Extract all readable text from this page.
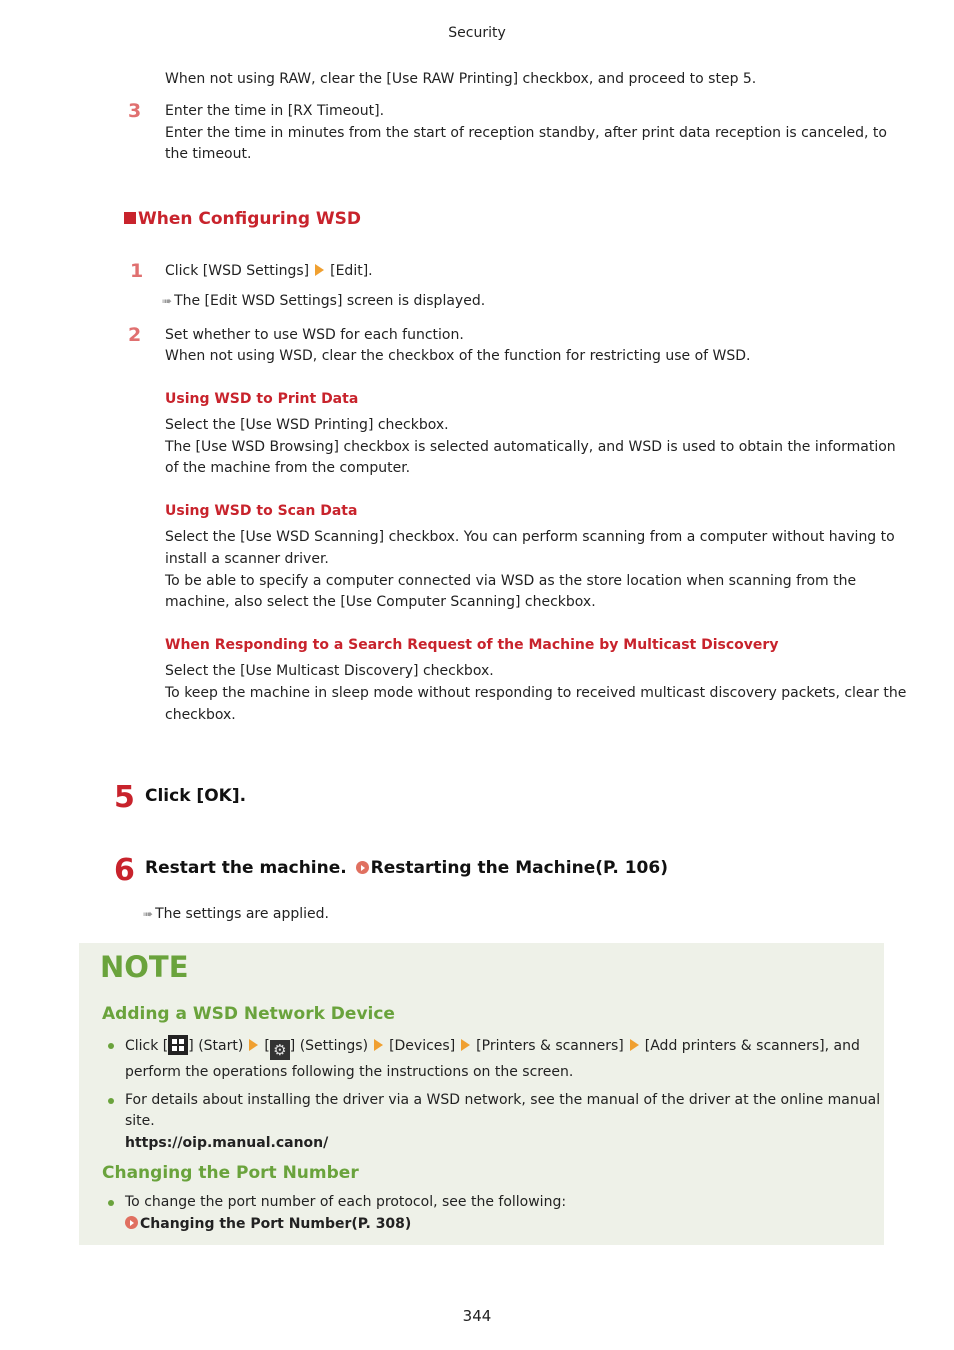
Security
When not using RAW, clear the [Use RAW Printing] checkbox, and proceed to step 5.
3 Enter the time in [RX Timeout].
Enter the time in minutes from the start of reception standby, after print data reception is canceled, to
the timeout.
When Configuring WSD
1 Click [WSD Settings] [Edit].
➠ The [Edit WSD Settings] screen is displayed.
2 Set whether to use WSD for each function.
When not using WSD, clear the checkbox of the function for restricting use of WSD.
Using WSD to Print Data
Select the [Use WSD Printing] checkbox.
The [Use WSD Browsing] checkbox is selected automatically, and WSD is used to obtain the information
of the machine from the computer.
Using WSD to Scan Data
Select the [Use WSD Scanning] checkbox. You can perform scanning from a computer without having to
install a scanner driver.
To be able to specify a computer connected via WSD as the store location when scanning from the
machine, also select the [Use Computer Scanning] checkbox.
When Responding to a Search Request of the Machine by Multicast Discovery
Select the [Use Multicast Discovery] checkbox.
To keep the machine in sleep mode without responding to received multicast discovery packets, clear the
checkbox.
5 Click [OK].
6 Restart the machine. Restarting the Machine(P. 106)
➠ The settings are applied.
NOTE
Adding a WSD Network Device
Click [ ] (Start) [ ⚙ ] (Settings) [Devices] [Printers & scanners] [Add printers & scanners], and
perform the operations following the instructions on the screen.
For details about installing the driver via a WSD network, see the manual of the driver at the online manual
site.
https://oip.manual.canon/
Changing the Port Number
To change the port number of each protocol, see the following:
Changing the Port Number(P. 308)
344
